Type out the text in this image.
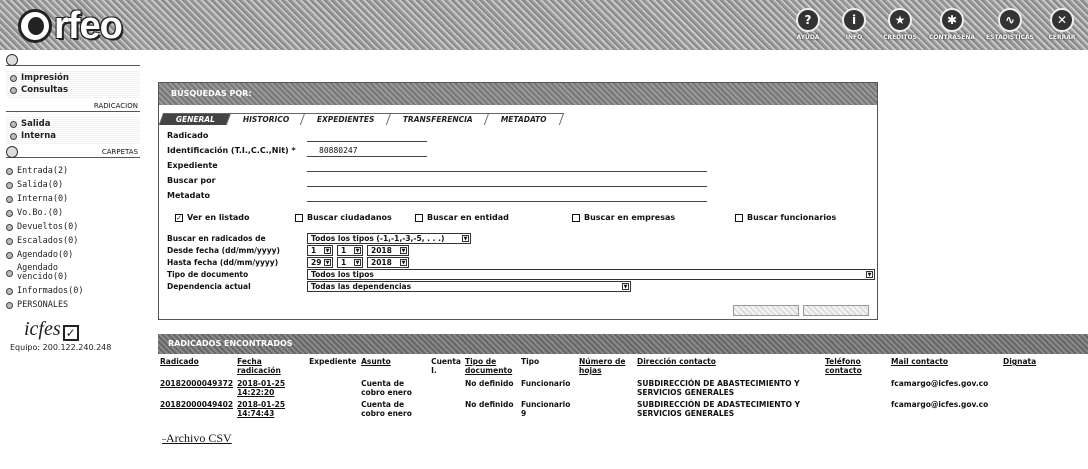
rfeo	?
AYUDA
i
INFO
★
CREDITOS
✱
CONTRASEÑA
∿
ESTADISTICAS
✕
CERRAR
Impresión
Consultas
RADICACION
Salida
Interna
CARPETAS
Entrada(2)
Salida(0)
Interna(0)
Vo.Bo.(0)
Devueltos(0)
Escalados(0)
Agendado(0)
Agendado vencido(0)
Informados(0)
PERSONALES
icfes ✓
Equipo: 200.122.240.248
BÚSQUEDAS PQR:
GENERAL	HISTORICO	EXPEDIENTES	TRANSFERENCIA	METADATO
Radicado
Identificación (T.I.,C.C.,Nit) *	80880247
Expediente
Buscar por
Metadato
✓ Ver en listado	Buscar ciudadanos	Buscar en entidad	Buscar en empresas	Buscar funcionarios
Buscar en radicados de	Todos los tipos (-1,-1,-3,-5, . . .)	▼
Desde fecha (dd/mm/yyyy)	1	▼	1	▼	2018	▼
Hasta fecha (dd/mm/yyyy)	29 ▼	1	▼	2018	▼
Tipo de documento	Todos los tipos	▼
Dependencia actual	Todas las dependencias	▼
RADICADOS ENCONTRADOS
Radicado	Fecha radicación	Expediente	Asunto	Cuenta I.	Tipo de documento	Tipo	Número de hojas	Dirección contacto	Teléfono contacto	Mail contacto	Dignata
20182000049372	2018-01-25 14:22:20		Cuenta de cobro enero		No definido	Funcionario		SUBDIRECCIÓN DE ABASTECIMIENTO Y SERVICIOS GENERALES		fcamargo@icfes.gov.co	
20182000049402	2018-01-25 14:74:43		Cuenta de cobro enero		No definido	Funcionario 9		SUBDIRECCIÓN DE ADASTECIMIENTO Y SERVICIOS GENERALES		fcamargo@icfes.gov.co	
⎯Archivo CSV
